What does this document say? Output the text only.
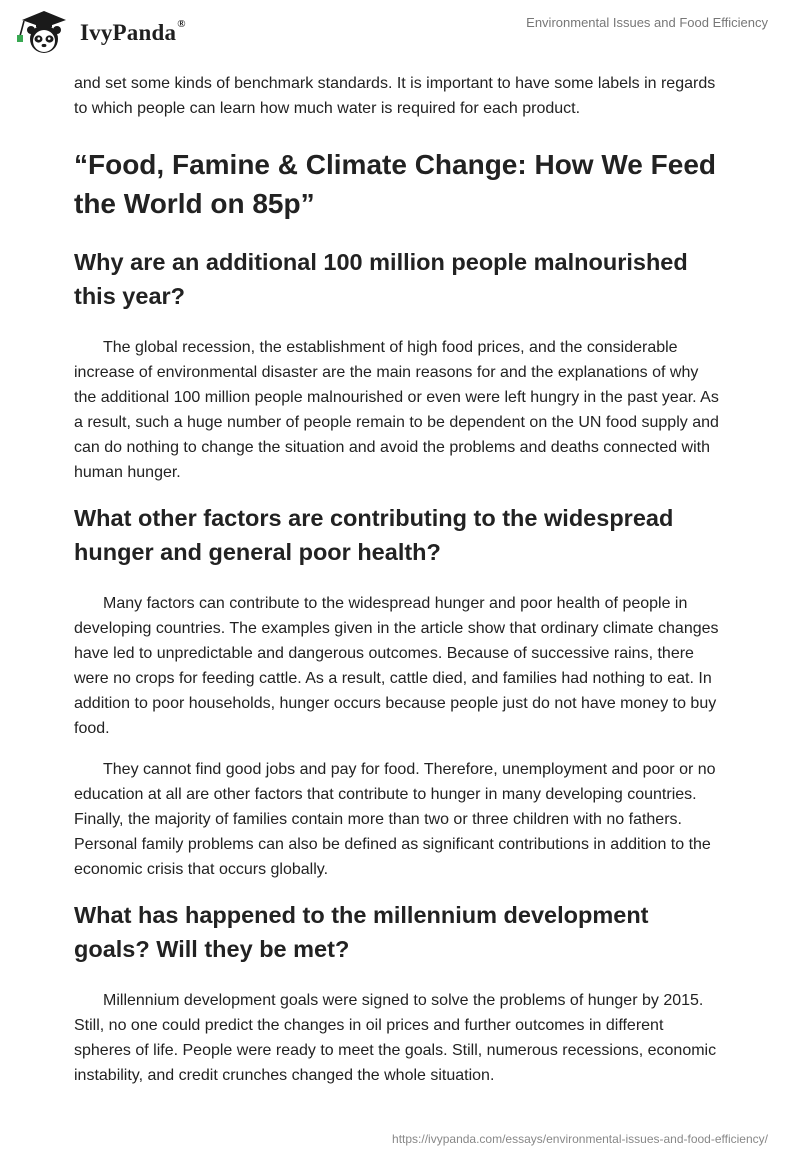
IvyPanda®	Environmental Issues and Food Efficiency

and set some kinds of benchmark standards. It is important to have some labels in regards to which people can learn how much water is required for each product.

“Food, Famine & Climate Change: How We Feed the World on 85p”
Why are an additional 100 million people malnourished this year?

The global recession, the establishment of high food prices, and the considerable increase of environmental disaster are the main reasons for and the explanations of why the additional 100 million people malnourished or even were left hungry in the past year. As a result, such a huge number of people remain to be dependent on the UN food supply and can do nothing to change the situation and avoid the problems and deaths connected with human hunger.

What other factors are contributing to the widespread hunger and general poor health?

Many factors can contribute to the widespread hunger and poor health of people in developing countries. The examples given in the article show that ordinary climate changes have led to unpredictable and dangerous outcomes. Because of successive rains, there were no crops for feeding cattle. As a result, cattle died, and families had nothing to eat. In addition to poor households, hunger occurs because people just do not have money to buy food.

They cannot find good jobs and pay for food. Therefore, unemployment and poor or no education at all are other factors that contribute to hunger in many developing countries. Finally, the majority of families contain more than two or three children with no fathers. Personal family problems can also be defined as significant contributions in addition to the economic crisis that occurs globally.

What has happened to the millennium development goals? Will they be met?

Millennium development goals were signed to solve the problems of hunger by 2015. Still, no one could predict the changes in oil prices and further outcomes in different spheres of life. People were ready to meet the goals. Still, numerous recessions, economic instability, and credit crunches changed the whole situation.

https://ivypanda.com/essays/environmental-issues-and-food-efficiency/
